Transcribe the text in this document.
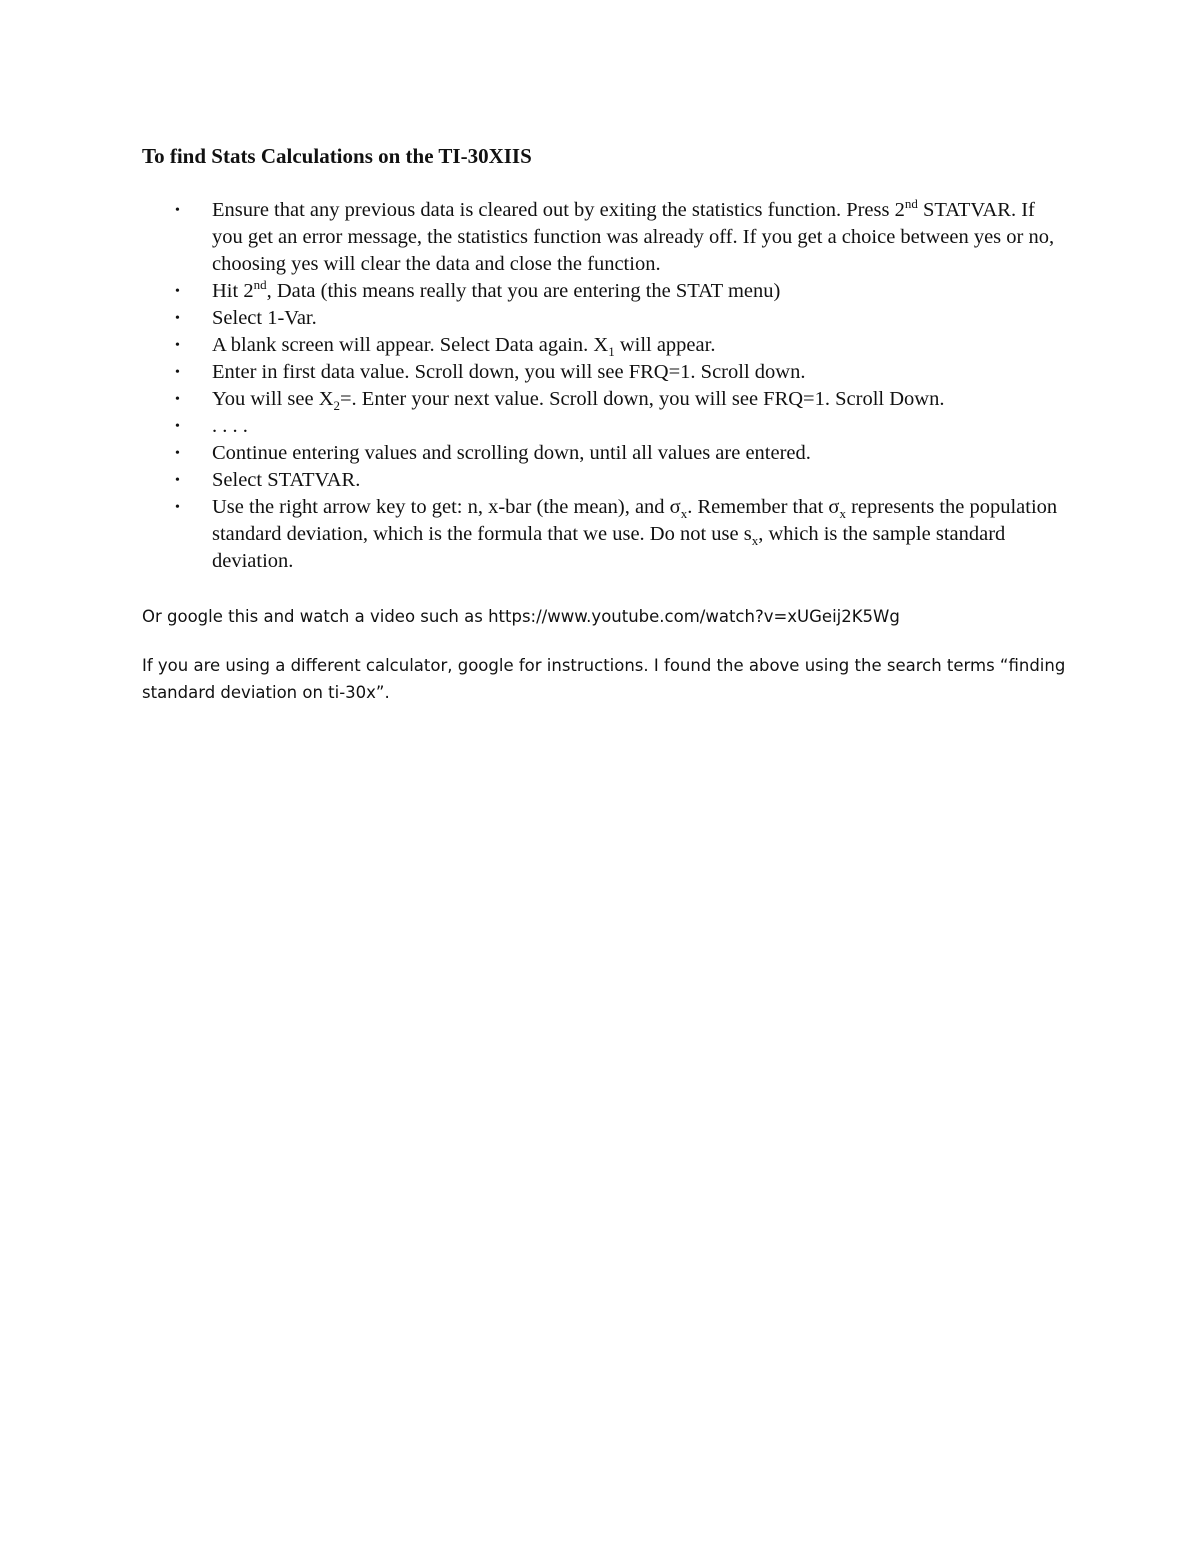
To find Stats Calculations on the TI-30XIIS
• Ensure that any previous data is cleared out by exiting the statistics function. Press 2nd STATVAR. If you get an error message, the statistics function was already off. If you get a choice between yes or no, choosing yes will clear the data and close the function.
• Hit 2nd, Data (this means really that you are entering the STAT menu)
• Select 1-Var.
• A blank screen will appear. Select Data again. $X_1$ will appear.
• Enter in first data value. Scroll down, you will see FRQ=1. Scroll down.
• You will see $X_2=$. Enter your next value. Scroll down, you will see FRQ=1. Scroll Down.
• . . . .
• Continue entering values and scrolling down, until all values are entered.
• Select STATVAR.
• Use the right arrow key to get: n, x-bar (the mean), and $\sigma_x$. Remember that $\sigma_x$ represents the population standard deviation, which is the formula that we use. Do not use $s_x$, which is the sample standard deviation.

Or google this and watch a video such as https://www.youtube.com/watch?v=xUGeij2K5Wg

If you are using a different calculator, google for instructions. I found the above using the search terms “finding standard deviation on ti-30x”.
